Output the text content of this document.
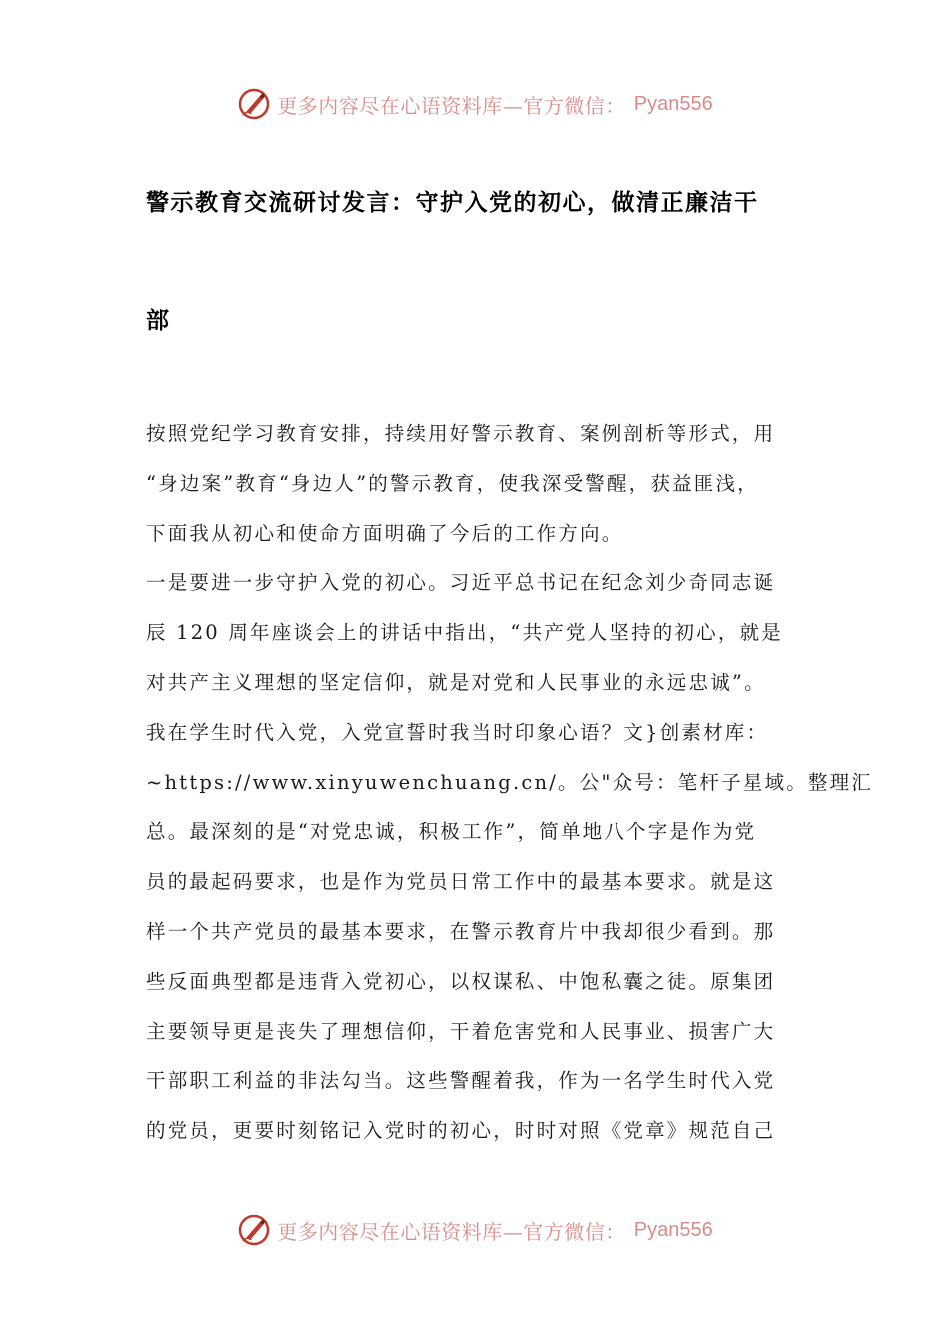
更多内容尽在心语资料库—官方微信： Pyan556
警示教育交流研讨发言：守护入党的初心，做清正廉洁干
部
按照党纪学习教育安排，持续用好警示教育、案例剖析等形式，用
“身边案”教育“身边人”的警示教育，使我深受警醒，获益匪浅，
下面我从初心和使命方面明确了今后的工作方向。
一是要进一步守护入党的初心。习近平总书记在纪念刘少奇同志诞
辰 120 周年座谈会上的讲话中指出，“共产党人坚持的初心，就是
对共产主义理想的坚定信仰，就是对党和人民事业的永远忠诚”。
我在学生时代入党，入党宣誓时我当时印象心语？文}创素材库：
~https://www.xinyuwenchuang.cn/。公"众号：笔杆子星域。整理汇
总。最深刻的是“对党忠诚，积极工作”，简单地八个字是作为党
员的最起码要求，也是作为党员日常工作中的最基本要求。就是这
样一个共产党员的最基本要求，在警示教育片中我却很少看到。那
些反面典型都是违背入党初心，以权谋私、中饱私囊之徒。原集团
主要领导更是丧失了理想信仰，干着危害党和人民事业、损害广大
干部职工利益的非法勾当。这些警醒着我，作为一名学生时代入党
的党员，更要时刻铭记入党时的初心，时时对照《党章》规范自己
更多内容尽在心语资料库—官方微信： Pyan556
